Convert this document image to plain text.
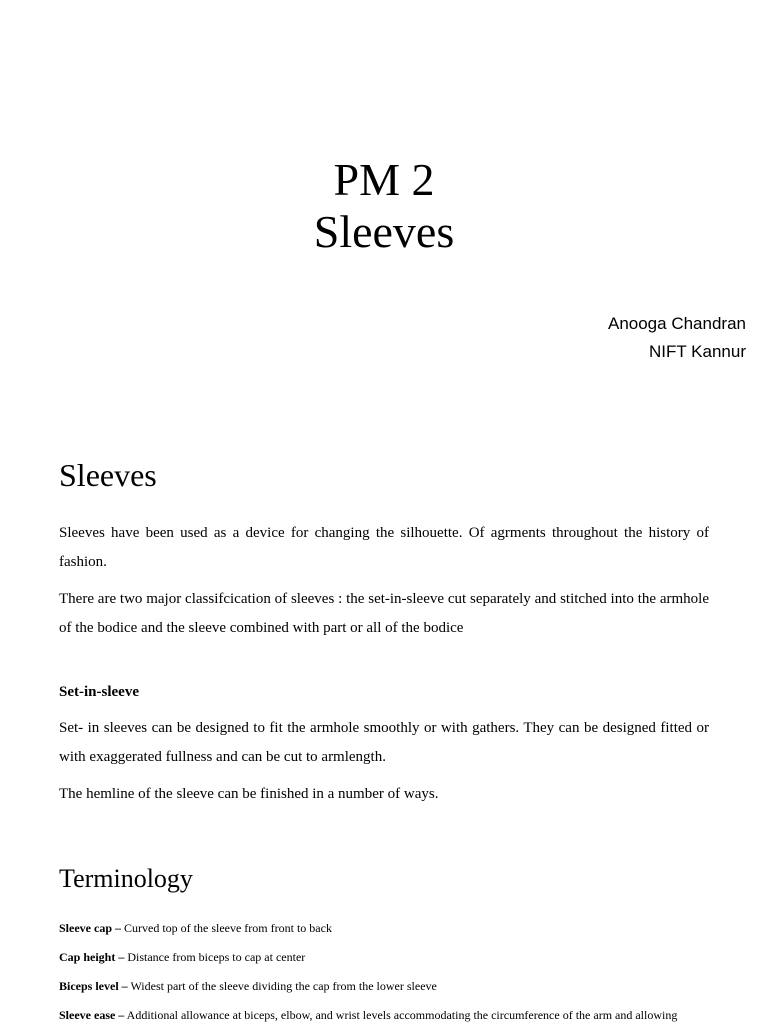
PM 2
Sleeves
Anooga Chandran
NIFT Kannur
Sleeves
Sleeves have been used as a device for changing the silhouette. Of agrments throughout the history of fashion.
There are two major classifcication of sleeves : the set-in-sleeve cut separately and stitched into the armhole of the bodice and the sleeve combined with part or all of the bodice
Set-in-sleeve
Set- in sleeves can be designed to fit the armhole smoothly or with gathers. They can be designed fitted or with exaggerated fullness and can be cut to armlength.
The hemline of the sleeve can be finished in a number of ways.
Terminology
Sleeve cap – Curved top of the sleeve from front to back
Cap height – Distance from biceps to cap at center
Biceps level – Widest part of the sleeve dividing the cap from the lower sleeve
Sleeve ease – Additional allowance at biceps, elbow, and wrist levels accommodating the circumference of the arm and allowing
